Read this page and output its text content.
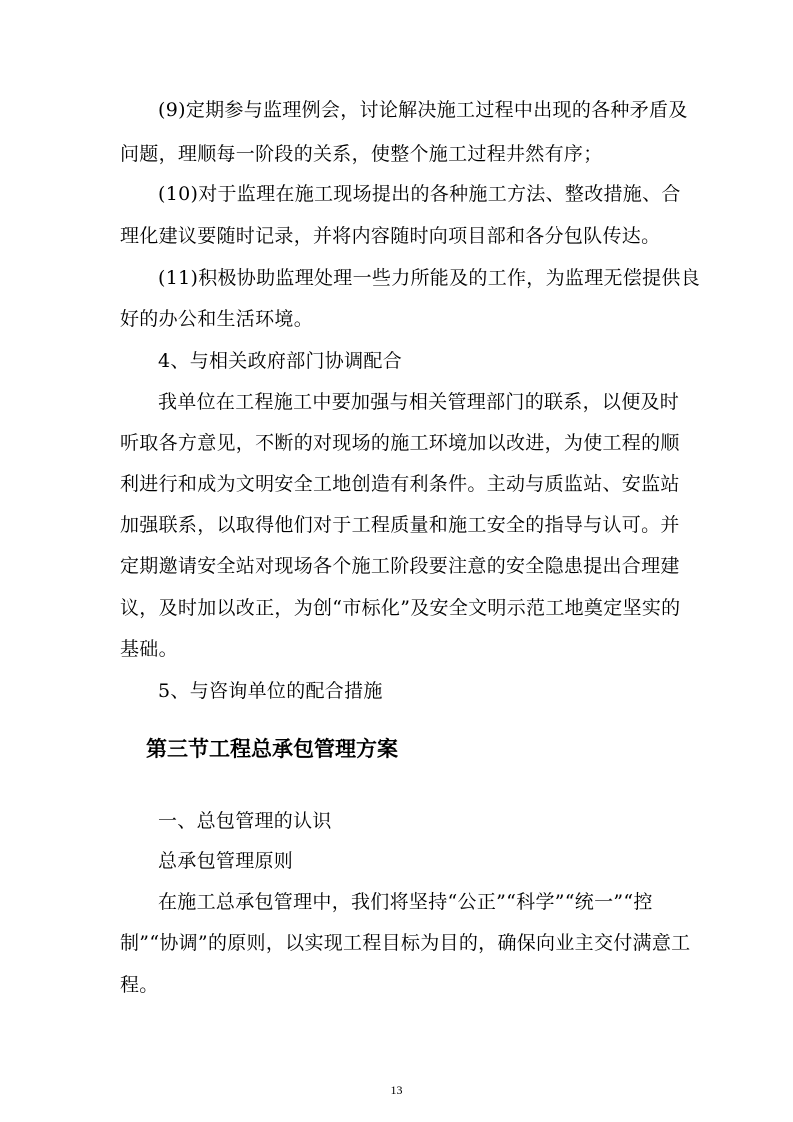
(9)定期参与监理例会，讨论解决施工过程中出现的各种矛盾及
问题，理顺每一阶段的关系，使整个施工过程井然有序；
(10)对于监理在施工现场提出的各种施工方法、整改措施、合
理化建议要随时记录，并将内容随时向项目部和各分包队传达。
(11)积极协助监理处理一些力所能及的工作，为监理无偿提供良
好的办公和生活环境。
4、与相关政府部门协调配合
我单位在工程施工中要加强与相关管理部门的联系，以便及时
听取各方意见，不断的对现场的施工环境加以改进，为使工程的顺
利进行和成为文明安全工地创造有利条件。主动与质监站、安监站
加强联系，以取得他们对于工程质量和施工安全的指导与认可。并
定期邀请安全站对现场各个施工阶段要注意的安全隐患提出合理建
议，及时加以改正，为创“市标化”及安全文明示范工地奠定坚实的
基础。
5、与咨询单位的配合措施
第三节工程总承包管理方案
一、总包管理的认识
总承包管理原则
在施工总承包管理中，我们将坚持“公正”“科学”“统一”“控
制”“协调”的原则，以实现工程目标为目的，确保向业主交付满意工
程。
13
